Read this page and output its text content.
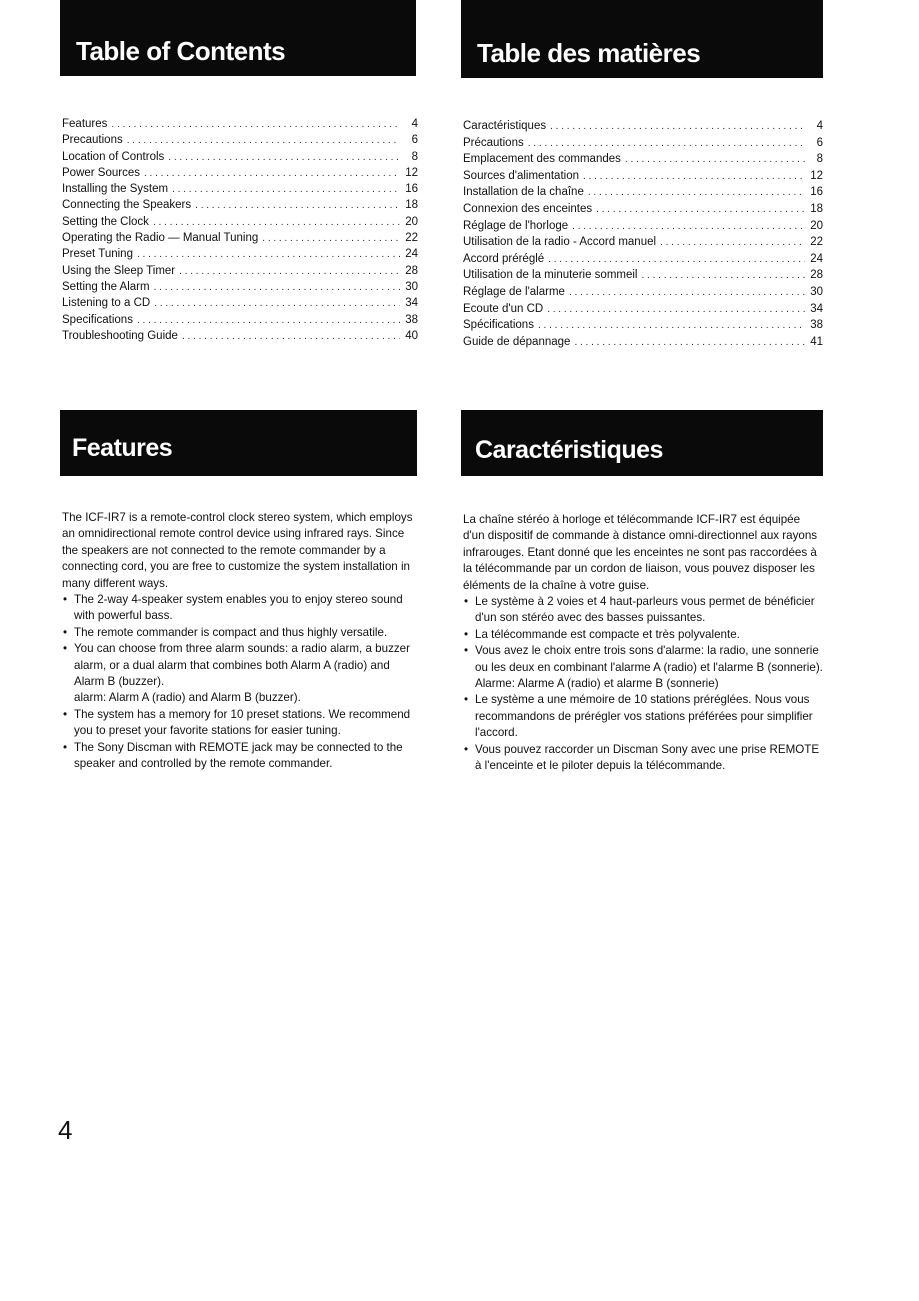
Table of Contents	Table des matières
Features . . .	4
Precautions . . .	6
Location of Controls . . .	8
Power Sources . . .	12
Installing the System . . .	16
Connecting the Speakers . . .	18
Setting the Clock . . .	20
Operating the Radio — Manual Tuning . . .	22
Preset Tuning . . .	24
Using the Sleep Timer . . .	28
Setting the Alarm . . .	30
Listening to a CD . . .	34
Specifications . . .	38
Troubleshooting Guide . . .	40
Caractéristiques . . .	4
Précautions . . .	6
Emplacement des commandes . . .	8
Sources d'alimentation . . .	12
Installation de la chaîne . . .	16
Connexion des enceintes . . .	18
Réglage de l'horloge . . .	20
Utilisation de la radio - Accord manuel . . .	22
Accord préréglé . . .	24
Utilisation de la minuterie sommeil . . .	28
Réglage de l'alarme . . .	30
Ecoute d'un CD . . .	34
Spécifications . . .	38
Guide de dépannage . . .	41
Features	Caractéristiques

The ICF-IR7 is a remote-control clock stereo system, which employs an omnidirectional remote control device using infrared rays. Since the speakers are not connected to the remote commander by a connecting cord, you are free to customize the system installation in many different ways.

• The 2-way 4-speaker system enables you to enjoy stereo sound with powerful bass.
• The remote commander is compact and thus highly versatile.
• You can choose from three alarm sounds: a radio alarm, a buzzer alarm, or a dual alarm that combines both Alarm A (radio) and Alarm B (buzzer).
alarm: Alarm A (radio) and Alarm B (buzzer).
• The system has a memory for 10 preset stations. We recommend you to preset your favorite stations for easier tuning.
• The Sony Discman with REMOTE jack may be connected to the speaker and controlled by the remote commander.

La chaîne stéréo à horloge et télécommande ICF-IR7 est équipée d'un dispositif de commande à distance omni-directionnel aux rayons infrarouges. Etant donné que les enceintes ne sont pas raccordées à la télécommande par un cordon de liaison, vous pouvez disposer les éléments de la chaîne à votre guise.

• Le système à 2 voies et 4 haut-parleurs vous permet de bénéficier d'un son stéréo avec des basses puissantes.
• La télécommande est compacte et très polyvalente.
• Vous avez le choix entre trois sons d'alarme: la radio, une sonnerie ou les deux en combinant l'alarme A (radio) et l'alarme B (sonnerie).
Alarme: Alarme A (radio) et alarme B (sonnerie)
• Le système a une mémoire de 10 stations préréglées. Nous vous recommandons de prérégler vos stations préférées pour simplifier l'accord.
• Vous pouvez raccorder un Discman Sony avec une prise REMOTE à l'enceinte et le piloter depuis la télécommande.
4
